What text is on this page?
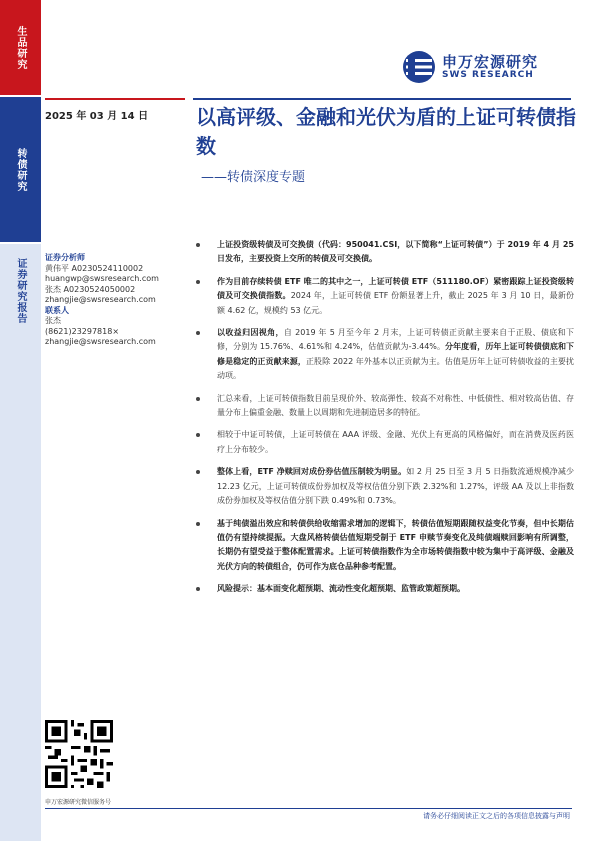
生品研究
转债研究
证券研究报告
申万宏源研究
SWS RESEARCH
2025 年 03 月 14 日 以高评级、金融和光伏为盾的上证可转债指数
——转债深度专题
证券分析师
黄伟平 A0230524110002
huangwp@swsresearch.com
张杰 A0230524050002
zhangjie@swsresearch.com
联系人
张杰
(8621)23297818×
zhangjie@swsresearch.com
上证投资级转债及可交换债（代码：950041.CSI，以下简称“上证可转债”）于 2019 年 4 月 25 日发布，主要投资上交所的转债及可交换债。
作为目前存续转债 ETF 唯二的其中之一，上证可转债 ETF（511180.OF）紧密跟踪上证投资级转债及可交换债指数。2024 年，上证可转债 ETF 份额显著上升，截止 2025 年 3 月 10 日，最新份额 4.62 亿，规模约 53 亿元。
以收益归因视角，自 2019 年 5 月至今年 2 月末，上证可转债正贡献主要来自于正股、债底和下修，分别为 15.76%、4.61%和 4.24%，估值贡献为-3.44%。分年度看，历年上证可转债债底和下修是稳定的正贡献来源，正股除 2022 年外基本以正贡献为主。估值是历年上证可转债收益的主要扰动项。
汇总来看，上证可转债指数目前呈现价外、较高弹性、较高不对称性、中低债性、相对较高估值、存量分布上偏重金融、数量上以周期和先进制造居多的特征。
相较于中证可转债，上证可转债在 AAA 评级、金融、光伏上有更高的风格偏好，而在消费及医药医疗上分布较少。
整体上看，ETF 净赎回对成份券估值压制较为明显。如 2 月 25 日至 3 月 5 日指数流通规模净减少 12.23 亿元，上证可转债成份券加权及等权估值分别下跌 2.32%和 1.27%，评级 AA 及以上非指数成份券加权及等权估值分别下跌 0.49%和 0.73%。
基于纯债溢出效应和转债供给收缩需求增加的逻辑下，转债估值短期跟随权益变化节奏，但中长期估值仍有望持续提振。大盘风格转债估值短期受制于 ETF 申赎节奏变化及纯债端赎回影响有所调整，长期仍有望受益于整体配置需求。上证可转债指数作为全市场转债指数中较为集中于高评级、金融及光伏方向的转债组合，仍可作为底仓品种参考配置。
风险提示：基本面变化超预期、流动性变化超预期、监管政策超预期。
申万宏源研究微信服务号
请务必仔细阅读正文之后的各项信息披露与声明
